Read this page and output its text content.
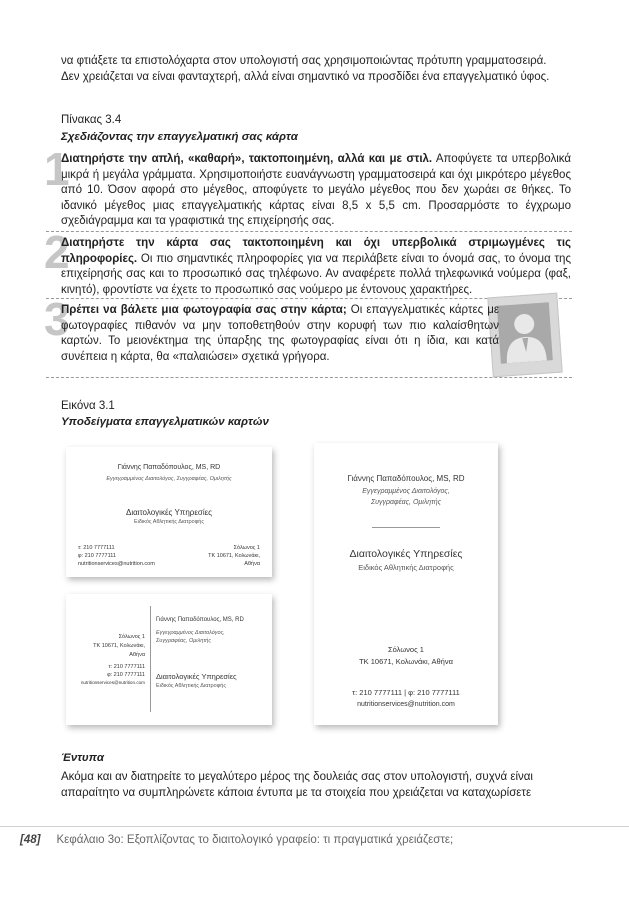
να φτιάξετε τα επιστολόχαρτα στον υπολογιστή σας χρησιμοποιώντας πρότυπη γραμματοσειρά.
Δεν χρειάζεται να είναι φανταχτερή, αλλά είναι σημαντικό να προσδίδει ένα επαγγελματικό ύφος.
Πίνακας 3.4
Σχεδιάζοντας την επαγγελματική σας κάρτα
1
Διατηρήστε την απλή, «καθαρή», τακτοποιημένη, αλλά και με στιλ. Αποφύγετε τα υπερβολικά μικρά ή μεγάλα γράμματα. Χρησιμοποιήστε ευανάγνωστη γραμματοσειρά και όχι μικρότερο μέγεθος από 10. Όσον αφορά στο μέγεθος, αποφύγετε το μεγάλο μέγεθος που δεν χωράει σε θήκες. Το ιδανικό μέγεθος μιας επαγγελματικής κάρτας είναι 8,5 x 5,5 cm. Προσαρμόστε το έγχρωμο σχεδιάγραμμα και τα γραφιστικά της επιχείρησής σας.
2
Διατηρήστε την κάρτα σας τακτοποιημένη και όχι υπερβολικά στριμωγμένες τις πληροφορίες. Οι πιο σημαντικές πληροφορίες για να περιλάβετε είναι το όνομά σας, το όνομα της επιχείρησής σας και το προσωπικό σας τηλέφωνο. Αν αναφέρετε πολλά τηλεφωνικά νούμερα (φαξ, κινητό), φροντίστε να έχετε το προσωπικό σας νούμερο με έντονους χαρακτήρες.
3
Πρέπει να βάλετε μια φωτογραφία σας στην κάρτα; Οι επαγγελματικές κάρτες με φωτογραφίες πιθανόν να μην τοποθετηθούν στην κορυφή των πιο καλαίσθητων καρτών. Το μειονέκτημα της ύπαρξης της φωτογραφίας είναι ότι η ίδια, και κατά συνέπεια η κάρτα, θα «παλαιώσει» σχετικά γρήγορα.
Εικόνα 3.1
Υποδείγματα επαγγελματικών καρτών
Γιάννης Παπαδόπουλος, MS, RD
Εγγεγραμμένος Διαιτολόγος, Συγγραφέας, Ομιλητής
Διαιτολογικές Υπηρεσίες
Ειδικός Αθλητικής Διατροφής
τ: 210 7777111
φ: 210 7777111
nutritionservices@nutrition.com
Σόλωνος 1
ΤΚ 10671, Κολωνάκι,
Αθήνα
Σόλωνος 1
ΤΚ 10671, Κολωνάκι,
Αθήνα
τ: 210 7777111
φ: 210 7777111
nutritionservices@nutrition.com
Γιάννης Παπαδόπουλος, MS, RD
Εγγεγραμμένος Διαιτολόγος,
Συγγραφέας, Ομιλητής
Διαιτολογικές Υπηρεσίες
Ειδικός Αθλητικής Διατροφής
Γιάννης Παπαδόπουλος, MS, RD
Εγγεγραμμένος Διαιτολόγος,
Συγγραφέας, Ομιλητής
Διαιτολογικές Υπηρεσίες
Ειδικός Αθλητικής Διατροφής
Σόλωνος 1
ΤΚ 10671, Κολωνάκι, Αθήνα
τ: 210 7777111 | φ: 210 7777111
nutritionservices@nutrition.com
Έντυπα
Ακόμα και αν διατηρείτε το μεγαλύτερο μέρος της δουλειάς σας στον υπολογιστή, συχνά είναι
απαραίτητο να συμπληρώνετε κάποια έντυπα με τα στοιχεία που χρειάζεται να καταχωρίσετε
[48] Κεφάλαιο 3ο: Εξοπλίζοντας το διαιτολογικό γραφείο: τι πραγματικά χρειάζεστε;
